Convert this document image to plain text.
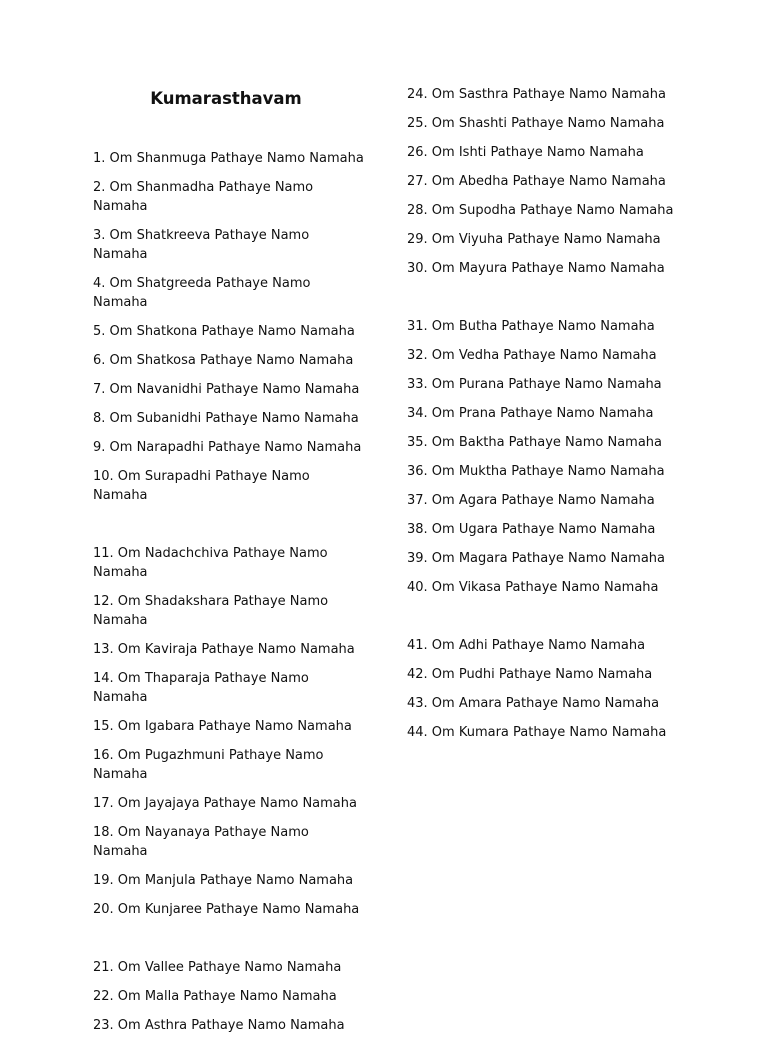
Kumarasthavam

1. Om Shanmuga Pathaye Namo Namaha

2. Om Shanmadha Pathaye Namo Namaha

3. Om Shatkreeva Pathaye Namo Namaha

4. Om Shatgreeda Pathaye Namo Namaha

5. Om Shatkona Pathaye Namo Namaha

6. Om Shatkosa Pathaye Namo Namaha

7. Om Navanidhi Pathaye Namo Namaha

8. Om Subanidhi Pathaye Namo Namaha

9. Om Narapadhi Pathaye Namo Namaha

10. Om Surapadhi Pathaye Namo Namaha

11. Om Nadachchiva Pathaye Namo Namaha

12. Om Shadakshara Pathaye Namo Namaha

13. Om Kaviraja Pathaye Namo Namaha

14. Om Thaparaja Pathaye Namo Namaha

15. Om Igabara Pathaye Namo Namaha

16. Om Pugazhmuni Pathaye Namo Namaha

17. Om Jayajaya Pathaye Namo Namaha

18. Om Nayanaya Pathaye Namo Namaha

19. Om Manjula Pathaye Namo Namaha

20. Om Kunjaree Pathaye Namo Namaha

21. Om Vallee Pathaye Namo Namaha

22. Om Malla Pathaye Namo Namaha

23. Om Asthra Pathaye Namo Namaha

24. Om Sasthra Pathaye Namo Namaha

25. Om Shashti Pathaye Namo Namaha

26. Om Ishti Pathaye Namo Namaha

27. Om Abedha Pathaye Namo Namaha

28. Om Supodha Pathaye Namo Namaha

29. Om Viyuha Pathaye Namo Namaha

30. Om Mayura Pathaye Namo Namaha

31. Om Butha Pathaye Namo Namaha

32. Om Vedha Pathaye Namo Namaha

33. Om Purana Pathaye Namo Namaha

34. Om Prana Pathaye Namo Namaha

35. Om Baktha Pathaye Namo Namaha

36. Om Muktha Pathaye Namo Namaha

37. Om Agara Pathaye Namo Namaha

38. Om Ugara Pathaye Namo Namaha

39. Om Magara Pathaye Namo Namaha

40. Om Vikasa Pathaye Namo Namaha

41. Om Adhi Pathaye Namo Namaha

42. Om Pudhi Pathaye Namo Namaha

43. Om Amara Pathaye Namo Namaha

44. Om Kumara Pathaye Namo Namaha
